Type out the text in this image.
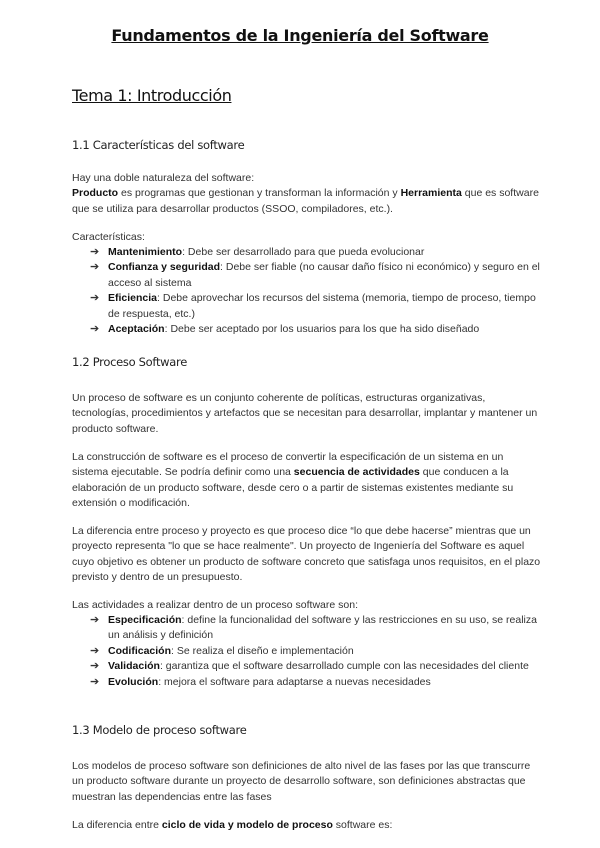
Fundamentos de la Ingeniería del Software
Tema 1: Introducción
1.1 Características del software

Hay una doble naturaleza del software:
Producto es programas que gestionan y transforman la información y Herramienta que es software que se utiliza para desarrollar productos (SSOO, compiladores, etc.).

Características:

➔ Mantenimiento: Debe ser desarrollado para que pueda evolucionar
➔ Confianza y seguridad: Debe ser fiable (no causar daño físico ni económico) y seguro en el acceso al sistema
➔ Eficiencia: Debe aprovechar los recursos del sistema (memoria, tiempo de proceso, tiempo de respuesta, etc.)
➔ Aceptación: Debe ser aceptado por los usuarios para los que ha sido diseñado
1.2 Proceso Software

Un proceso de software es un conjunto coherente de políticas, estructuras organizativas, tecnologías, procedimientos y artefactos que se necesitan para desarrollar, implantar y mantener un producto software.

La construcción de software es el proceso de convertir la especificación de un sistema en un sistema ejecutable. Se podría definir como una secuencia de actividades que conducen a la elaboración de un producto software, desde cero o a partir de sistemas existentes mediante su extensión o modificación.

La diferencia entre proceso y proyecto es que proceso dice “lo que debe hacerse” mientras que un proyecto representa "lo que se hace realmente". Un proyecto de Ingeniería del Software es aquel cuyo objetivo es obtener un producto de software concreto que satisfaga unos requisitos, en el plazo previsto y dentro de un presupuesto.

Las actividades a realizar dentro de un proceso software son:

➔ Especificación: define la funcionalidad del software y las restricciones en su uso, se realiza un análisis y definición
➔ Codificación: Se realiza el diseño e implementación
➔ Validación: garantiza que el software desarrollado cumple con las necesidades del cliente
➔ Evolución: mejora el software para adaptarse a nuevas necesidades
1.3 Modelo de proceso software

Los modelos de proceso software son definiciones de alto nivel de las fases por las que transcurre un producto software durante un proyecto de desarrollo software, son definiciones abstractas que muestran las dependencias entre las fases

La diferencia entre ciclo de vida y modelo de proceso software es:
